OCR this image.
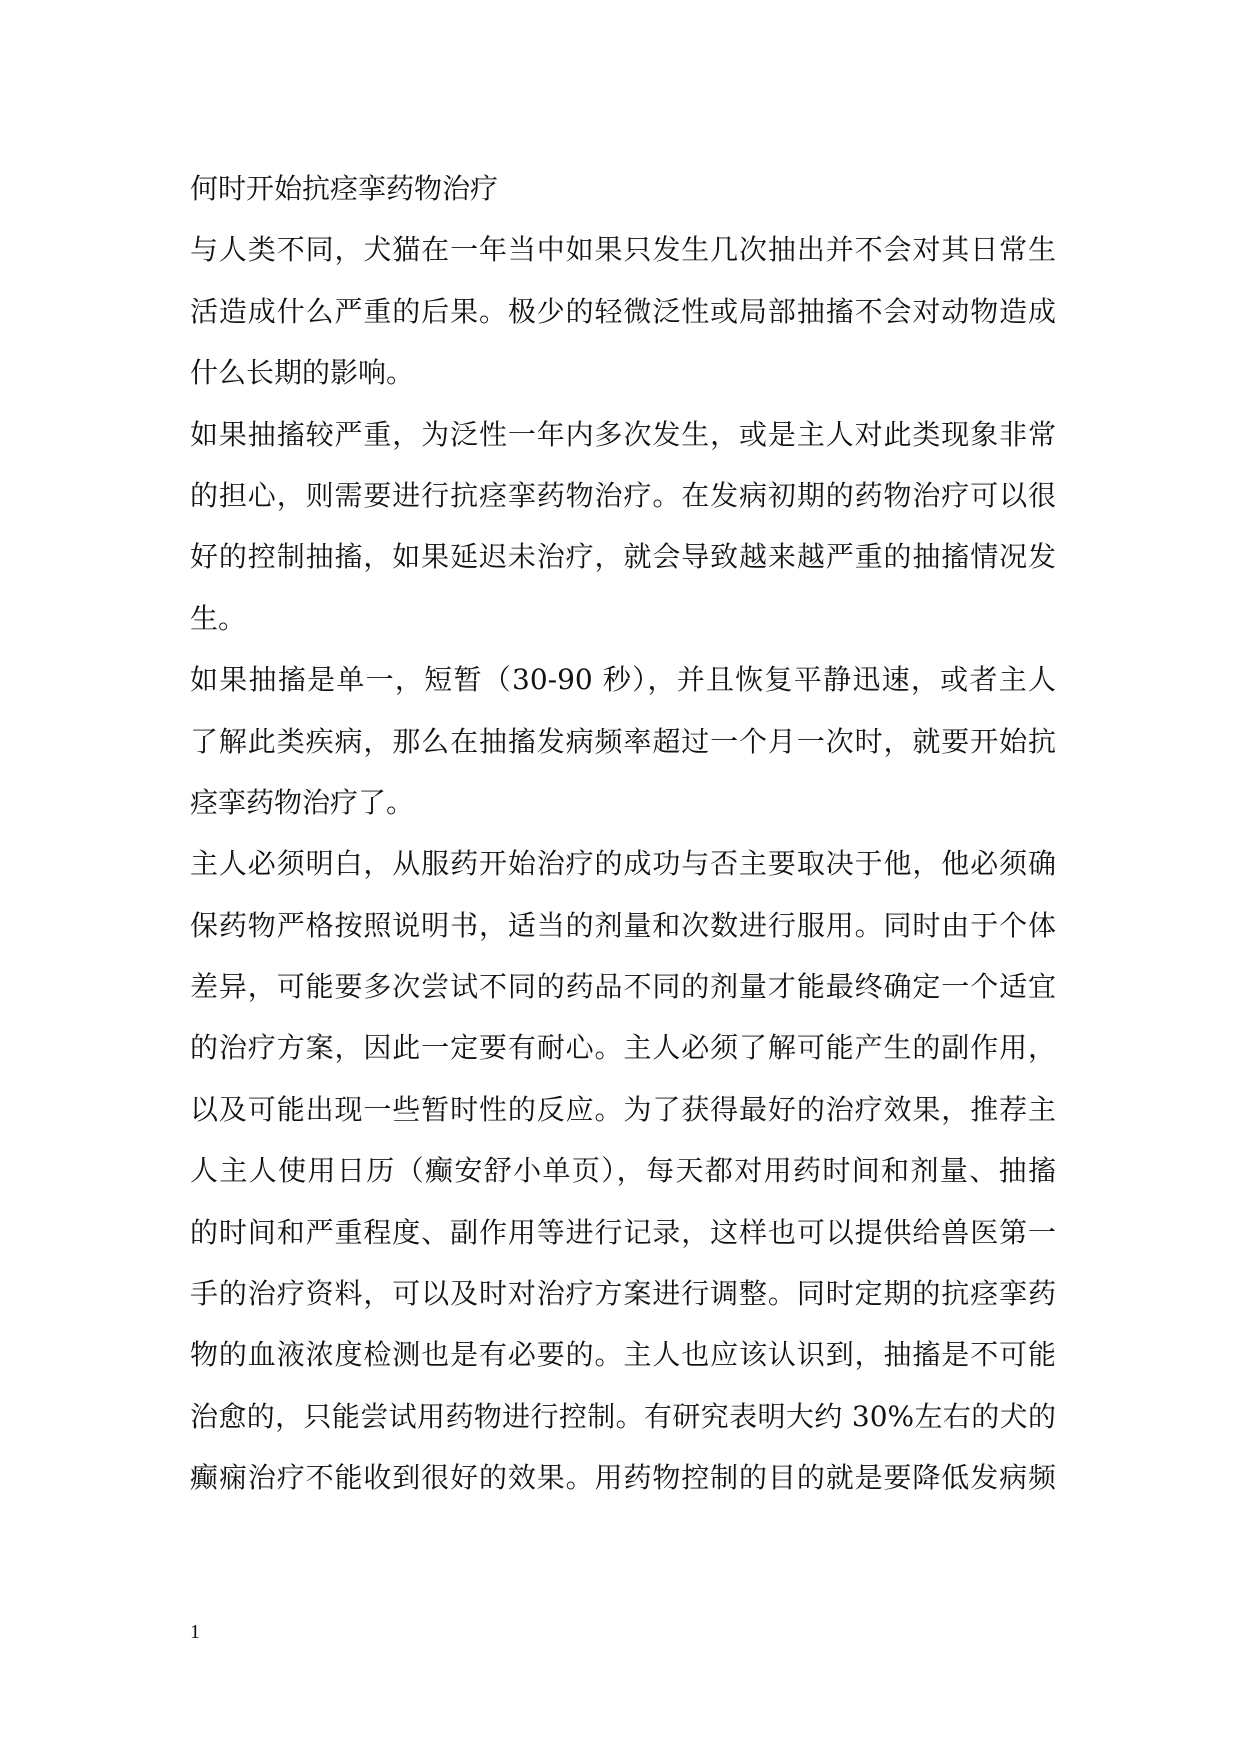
何时开始抗痉挛药物治疗
与人类不同，犬猫在一年当中如果只发生几次抽出并不会对其日常生
活造成什么严重的后果。极少的轻微泛性或局部抽搐不会对动物造成
什么长期的影响。
如果抽搐较严重，为泛性一年内多次发生，或是主人对此类现象非常
的担心，则需要进行抗痉挛药物治疗。在发病初期的药物治疗可以很
好的控制抽搐，如果延迟未治疗，就会导致越来越严重的抽搐情况发
生。
如果抽搐是单一，短暂（30-90 秒），并且恢复平静迅速，或者主人
了解此类疾病，那么在抽搐发病频率超过一个月一次时，就要开始抗
痉挛药物治疗了。
主人必须明白，从服药开始治疗的成功与否主要取决于他，他必须确
保药物严格按照说明书，适当的剂量和次数进行服用。同时由于个体
差异，可能要多次尝试不同的药品不同的剂量才能最终确定一个适宜
的治疗方案，因此一定要有耐心。主人必须了解可能产生的副作用，
以及可能出现一些暂时性的反应。为了获得最好的治疗效果，推荐主
人主人使用日历（癫安舒小单页），每天都对用药时间和剂量、抽搐
的时间和严重程度、副作用等进行记录，这样也可以提供给兽医第一
手的治疗资料，可以及时对治疗方案进行调整。同时定期的抗痉挛药
物的血液浓度检测也是有必要的。主人也应该认识到，抽搐是不可能
治愈的，只能尝试用药物进行控制。有研究表明大约 30%左右的犬的
癫痫治疗不能收到很好的效果。用药物控制的目的就是要降低发病频
1
